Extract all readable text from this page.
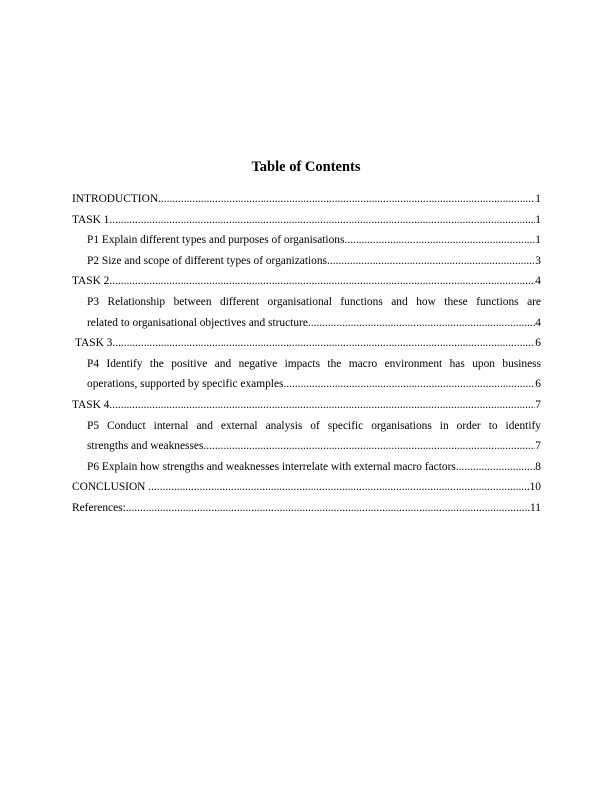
Table of Contents
INTRODUCTION .....	1
TASK 1 .....	1
P1 Explain different types and purposes of organisations .....	1
P2 Size and scope of different types of organizations .....	3
TASK 2 .....	4
P3 Relationship between different organisational functions and how these functions are
related to organisational objectives and structure .....	4
TASK 3 .....	6
P4 Identify the positive and negative impacts the macro environment has upon business
operations, supported by specific examples .....	6
TASK 4 .....	7
P5 Conduct internal and external analysis of specific organisations in order to identify
strengths and weaknesses .....	7
P6 Explain how strengths and weaknesses interrelate with external macro factors .....	8
CONCLUSION .....	10
References: .....	11
